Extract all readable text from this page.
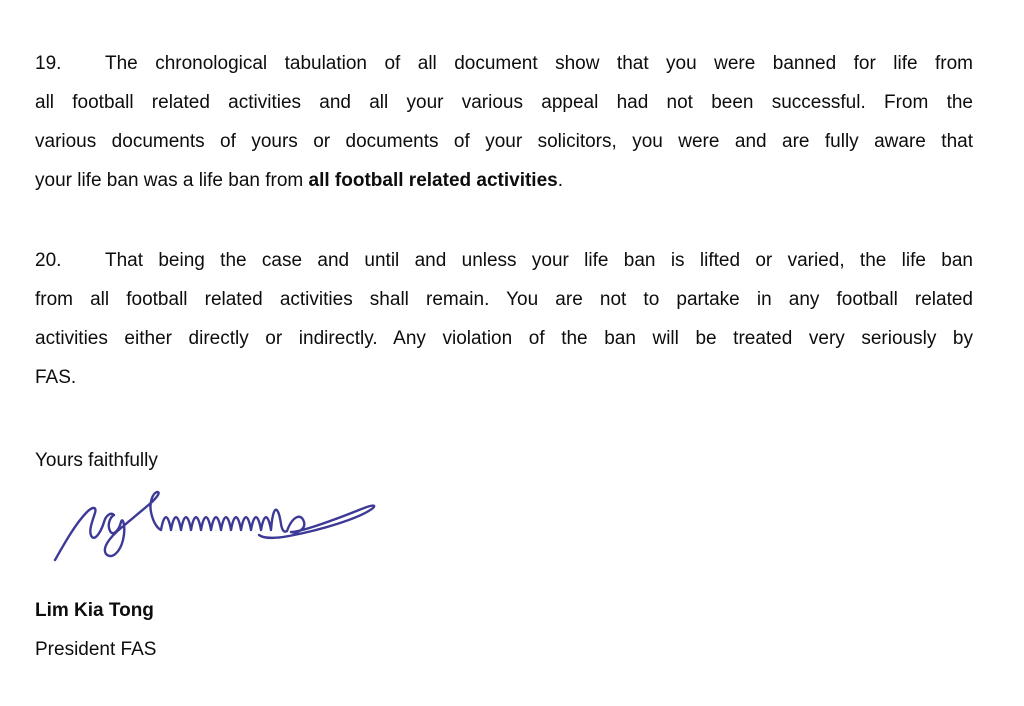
19. The chronological tabulation of all document show that you were banned for life from
all football related activities and all your various appeal had not been successful. From the
various documents of yours or documents of your solicitors, you were and are fully aware that
your life ban was a life ban from all football related activities.
20. That being the case and until and unless your life ban is lifted or varied, the life ban
from all football related activities shall remain. You are not to partake in any football related
activities either directly or indirectly. Any violation of the ban will be treated very seriously by
FAS.
Yours faithfully
Lim Kia Tong
President FAS
